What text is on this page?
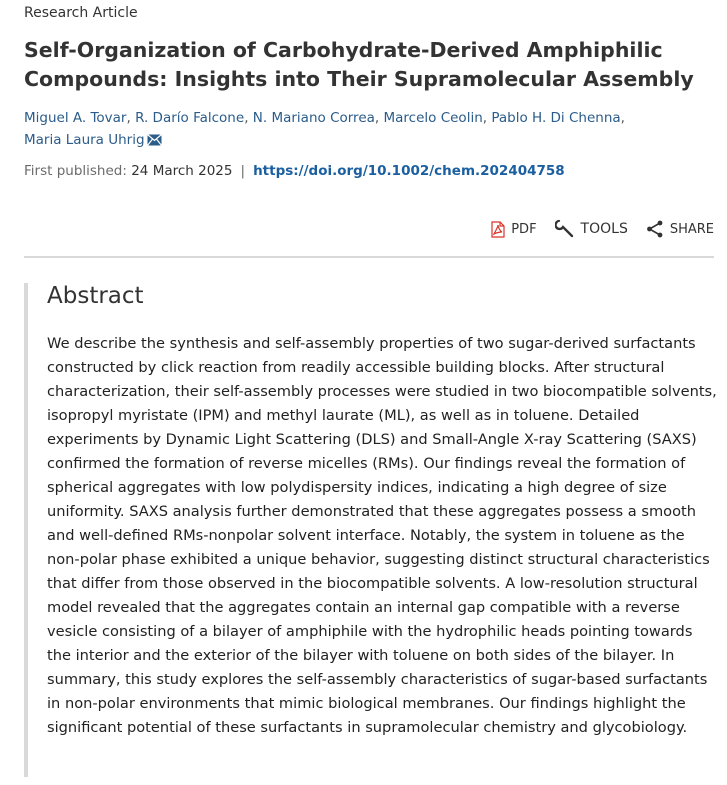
Research Article
Self-Organization of Carbohydrate-Derived Amphiphilic Compounds: Insights into Their Supramolecular Assembly
Miguel A. Tovar, R. Darío Falcone, N. Mariano Correa, Marcelo Ceolin, Pablo H. Di Chenna,
Maria Laura Uhrig
First published: 24 March 2025 | https://doi.org/10.1002/chem.202404758
PDF	TOOLS	SHARE
Abstract

We describe the synthesis and self-assembly properties of two sugar-derived surfactants constructed by click reaction from readily accessible building blocks. After structural characterization, their self-assembly processes were studied in two biocompatible solvents, isopropyl myristate (IPM) and methyl laurate (ML), as well as in toluene. Detailed experiments by Dynamic Light Scattering (DLS) and Small-Angle X-ray Scattering (SAXS) confirmed the formation of reverse micelles (RMs). Our findings reveal the formation of spherical aggregates with low polydispersity indices, indicating a high degree of size uniformity. SAXS analysis further demonstrated that these aggregates possess a smooth and well-defined RMs-nonpolar solvent interface. Notably, the system in toluene as the non-polar phase exhibited a unique behavior, suggesting distinct structural characteristics that differ from those observed in the biocompatible solvents. A low-resolution structural model revealed that the aggregates contain an internal gap compatible with a reverse vesicle consisting of a bilayer of amphiphile with the hydrophilic heads pointing towards the interior and the exterior of the bilayer with toluene on both sides of the bilayer. In summary, this study explores the self-assembly characteristics of sugar-based surfactants in non-polar environments that mimic biological membranes. Our findings highlight the significant potential of these surfactants in supramolecular chemistry and glycobiology.
